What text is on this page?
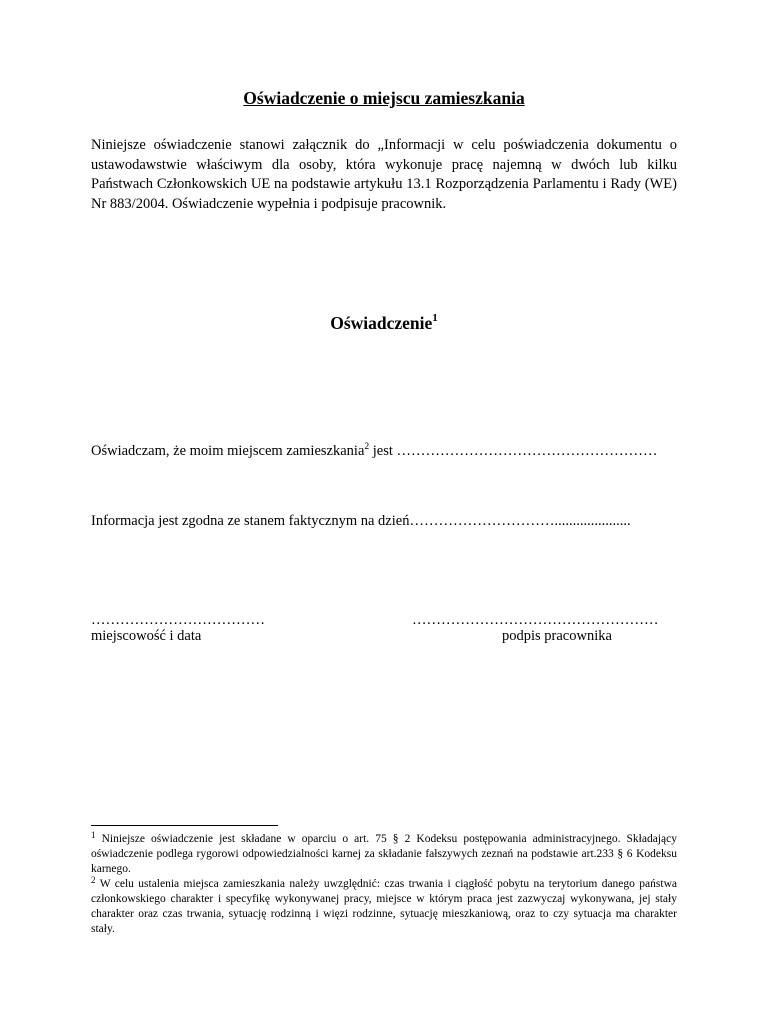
Oświadczenie o miejscu zamieszkania
Niniejsze oświadczenie stanowi załącznik do „Informacji w celu poświadczenia dokumentu o ustawodawstwie właściwym dla osoby, która wykonuje pracę najemną w dwóch lub kilku Państwach Członkowskich UE na podstawie artykułu 13.1 Rozporządzenia Parlamentu i Rady (WE) Nr 883/2004. Oświadczenie wypełnia i podpisuje pracownik.
Oświadczenie$^1$
Oświadczam, że moim miejscem zamieszkania$^2$ jest ………………………………………………
Informacja jest zgodna ze stanem faktycznym na dzień………………………….....................
………………………………	……………………………………………
miejscowość i data	podpis pracownika

$^1$ Niniejsze oświadczenie jest składane w oparciu o art. 75 § 2 Kodeksu postępowania administracyjnego. Składający oświadczenie podlega rygorowi odpowiedzialności karnej za składanie fałszywych zeznań na podstawie art.233 § 6 Kodeksu karnego.

$^2$ W celu ustalenia miejsca zamieszkania należy uwzględnić: czas trwania i ciągłość pobytu na terytorium danego państwa członkowskiego charakter i specyfikę wykonywanej pracy, miejsce w którym praca jest zazwyczaj wykonywana, jej stały charakter oraz czas trwania, sytuację rodzinną i więzi rodzinne, sytuację mieszkaniową, oraz to czy sytuacja ma charakter stały.
